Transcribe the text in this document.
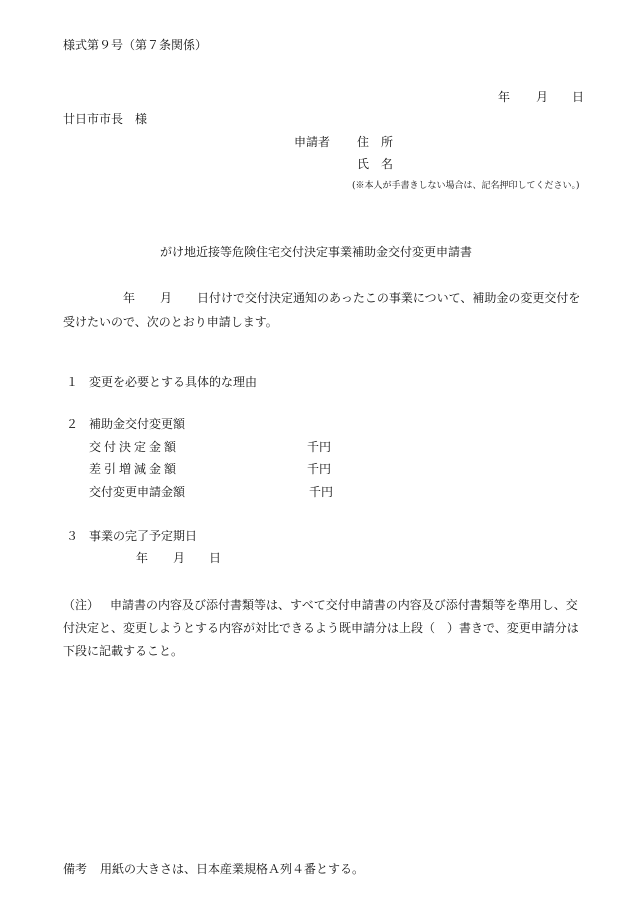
様式第９号（第７条関係）
年 月 日
廿日市市長　様
申請者 住　所
氏　名
(※本人が手書きしない場合は、記名押印してください。)
がけ地近接等危険住宅交付決定事業補助金交付変更申請書
年 月 日付けで交付決定通知のあったこの事業について、補助金の変更交付を
受けたいので、次のとおり申請します。
１ 変更を必要とする具体的な理由
２ 補助金交付変更額
交付決定金額	千円
差引増減金額	千円
交付変更申請金額	千円
３ 事業の完了予定期日
年 月 日
（注） 申請書の内容及び添付書類等は、すべて交付申請書の内容及び添付書類等を準用し、交
付決定と、変更しようとする内容が対比できるよう既申請分は上段（　）書きで、変更申請分は
下段に記載すること。
備考 用紙の大きさは、日本産業規格Ａ列４番とする。
